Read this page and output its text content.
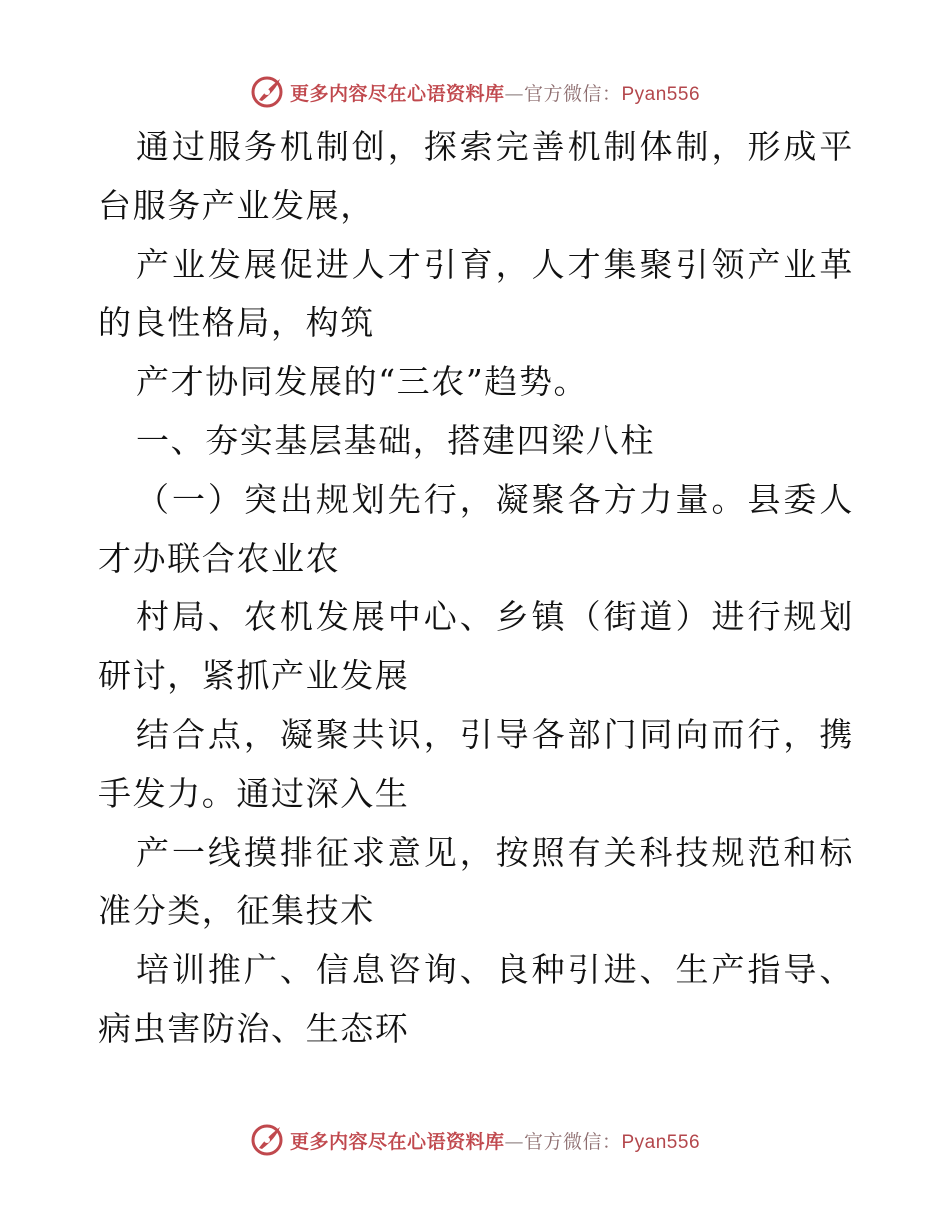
更多内容尽在心语资料库—官方微信：Pyan556

通过服务机制创，探索完善机制体制，形成平台服务产业发展，

产业发展促进人才引育，人才集聚引领产业革的良性格局，构筑

产才协同发展的“三农”趋势。

一、夯实基层基础，搭建四梁八柱

（一）突出规划先行，凝聚各方力量。县委人才办联合农业农

村局、农机发展中心、乡镇（街道）进行规划研讨，紧抓产业发展

结合点，凝聚共识，引导各部门同向而行，携手发力。通过深入生

产一线摸排征求意见，按照有关科技规范和标准分类，征集技术

培训推广、信息咨询、良种引进、生产指导、病虫害防治、生态环

更多内容尽在心语资料库—官方微信：Pyan556
